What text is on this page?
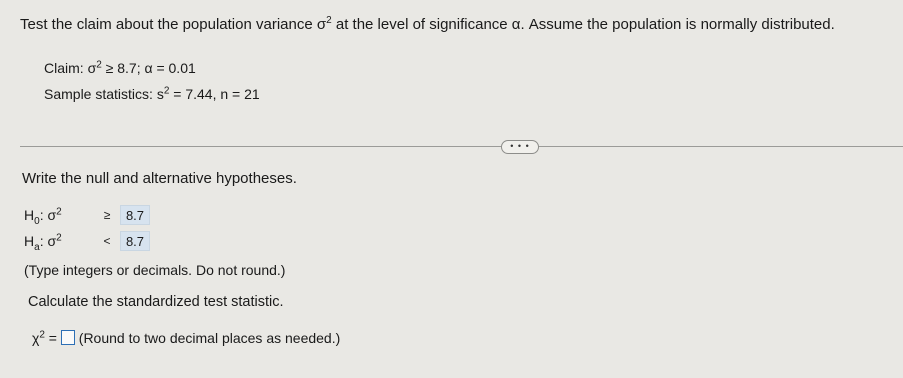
Test the claim about the population variance $\sigma^2$ at the level of significance α. Assume the population is normally distributed.
Claim: $\sigma^2 \ge 8.7$; α = 0.01
Sample statistics: $s^2 = 7.44$, n = 21
• • •
Write the null and alternative hypotheses.
$H_0$: $\sigma^2$	≥	8.7
$H_a$: $\sigma^2$	<	8.7
(Type integers or decimals. Do not round.)
Calculate the standardized test statistic.
$\chi^2$ =  (Round to two decimal places as needed.)
